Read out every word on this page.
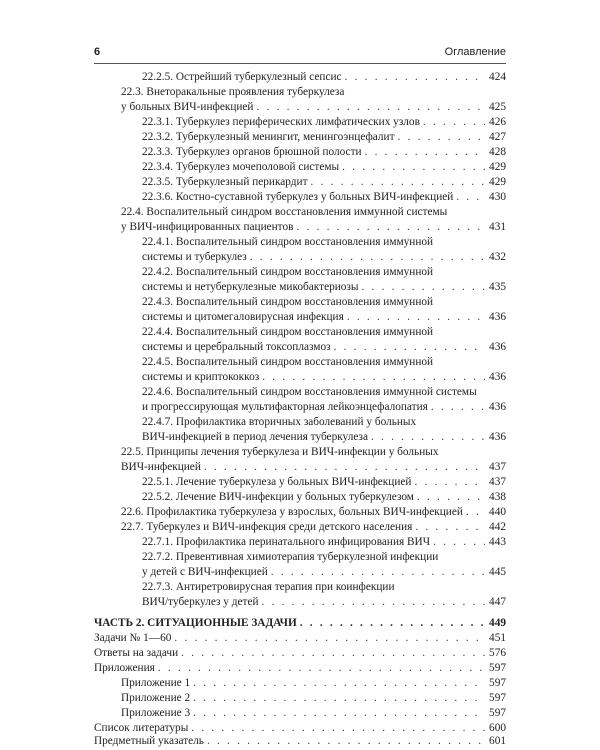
6	Оглавление
22.2.5. Острейший туберкулезный сепсис . . .	424
22.3. Внеторакальные проявления туберкулеза
у больных ВИЧ-инфекцией . . .	425
22.3.1. Туберкулез периферических лимфатических узлов . . .	426
22.3.2. Туберкулезный менингит, менингоэнцефалит . . .	427
22.3.3. Туберкулез органов брюшной полости . . .	428
22.3.4. Туберкулез мочеполовой системы . . .	429
22.3.5. Туберкулезный перикардит . . .	429
22.3.6. Костно-суставной туберкулез у больных ВИЧ-инфекцией . . .	430
22.4. Воспалительный синдром восстановления иммунной системы
у ВИЧ-инфицированных пациентов . . .	431
22.4.1. Воспалительный синдром восстановления иммунной
системы и туберкулез . . .	432
22.4.2. Воспалительный синдром восстановления иммунной
системы и нетуберкулезные микобактериозы . . .	435
22.4.3. Воспалительный синдром восстановления иммунной
системы и цитомегаловирусная инфекция . . .	436
22.4.4. Воспалительный синдром восстановления иммунной
системы и церебральный токсоплазмоз . . .	436
22.4.5. Воспалительный синдром восстановления иммунной
системы и криптококкоз . . .	436
22.4.6. Воспалительный синдром восстановления иммунной системы
и прогрессирующая мультифакторная лейкоэнцефалопатия . . .	436
22.4.7. Профилактика вторичных заболеваний у больных
ВИЧ-инфекцией в период лечения туберкулеза . . .	436
22.5. Принципы лечения туберкулеза и ВИЧ-инфекции у больных
ВИЧ-инфекцией . . .	437
22.5.1. Лечение туберкулеза у больных ВИЧ-инфекцией . . .	437
22.5.2. Лечение ВИЧ-инфекции у больных туберкулезом . . .	438
22.6. Профилактика туберкулеза у взрослых, больных ВИЧ-инфекцией . . . 440
22.7. Туберкулез и ВИЧ-инфекция среди детского населения . . .	442
22.7.1. Профилактика перинатального инфицирования ВИЧ . . .	443
22.7.2. Превентивная химиотерапия туберкулезной инфекции
у детей с ВИЧ-инфекцией . . .	445
22.7.3. Антиретровирусная терапия при коинфекции
ВИЧ/туберкулез у детей . . .	447
ЧАСТЬ 2. СИТУАЦИОННЫЕ ЗАДАЧИ . . .	449
Задачи № 1—60 . . .	451
Ответы на задачи . . .	576
Приложения . . .	597
Приложение 1 . . .	597
Приложение 2 . . .	597
Приложение 3 . . .	597
Список литературы . . .	600
Предметный указатель . . .	601
